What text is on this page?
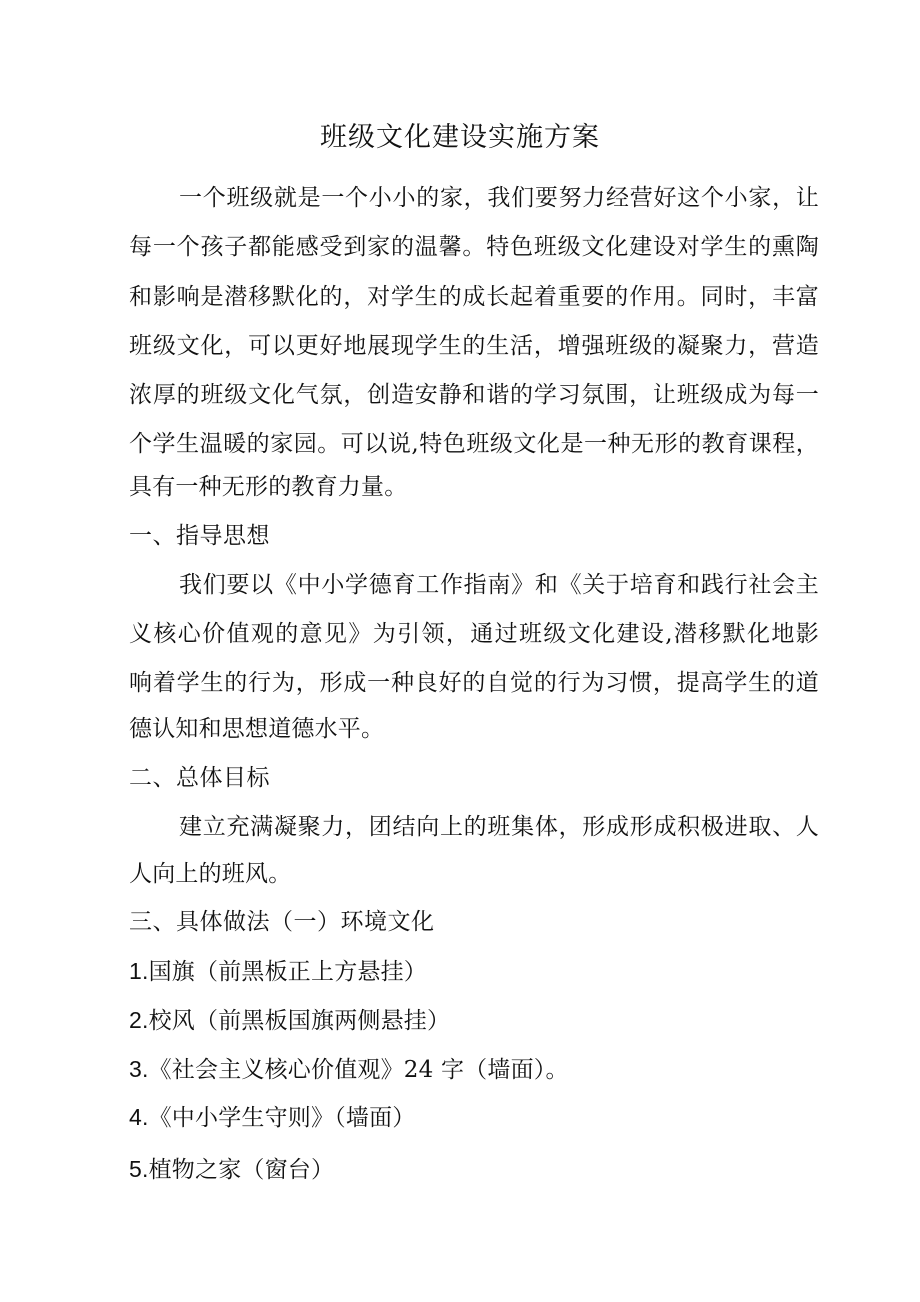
班级文化建设实施方案
一个班级就是一个小小的家，我们要努力经营好这个小家，让
每一个孩子都能感受到家的温馨。特色班级文化建设对学生的熏陶
和影响是潜移默化的，对学生的成长起着重要的作用。同时，丰富
班级文化，可以更好地展现学生的生活，增强班级的凝聚力，营造
浓厚的班级文化气氛，创造安静和谐的学习氛围，让班级成为每一
个学生温暖的家园。可以说,特色班级文化是一种无形的教育课程，
具有一种无形的教育力量。
一、指导思想
我们要以《中小学德育工作指南》和《关于培育和践行社会主
义核心价值观的意见》为引领，通过班级文化建设,潜移默化地影
响着学生的行为，形成一种良好的自觉的行为习惯，提高学生的道
德认知和思想道德水平。
二、总体目标
建立充满凝聚力，团结向上的班集体，形成形成积极进取、人
人向上的班风。
三、具体做法（一）环境文化
1.国旗（前黑板正上方悬挂）
2.校风（前黑板国旗两侧悬挂）
3.《社会主义核心价值观》24 字（墙面）。
4.《中小学生守则》（墙面）
5.植物之家（窗台）
